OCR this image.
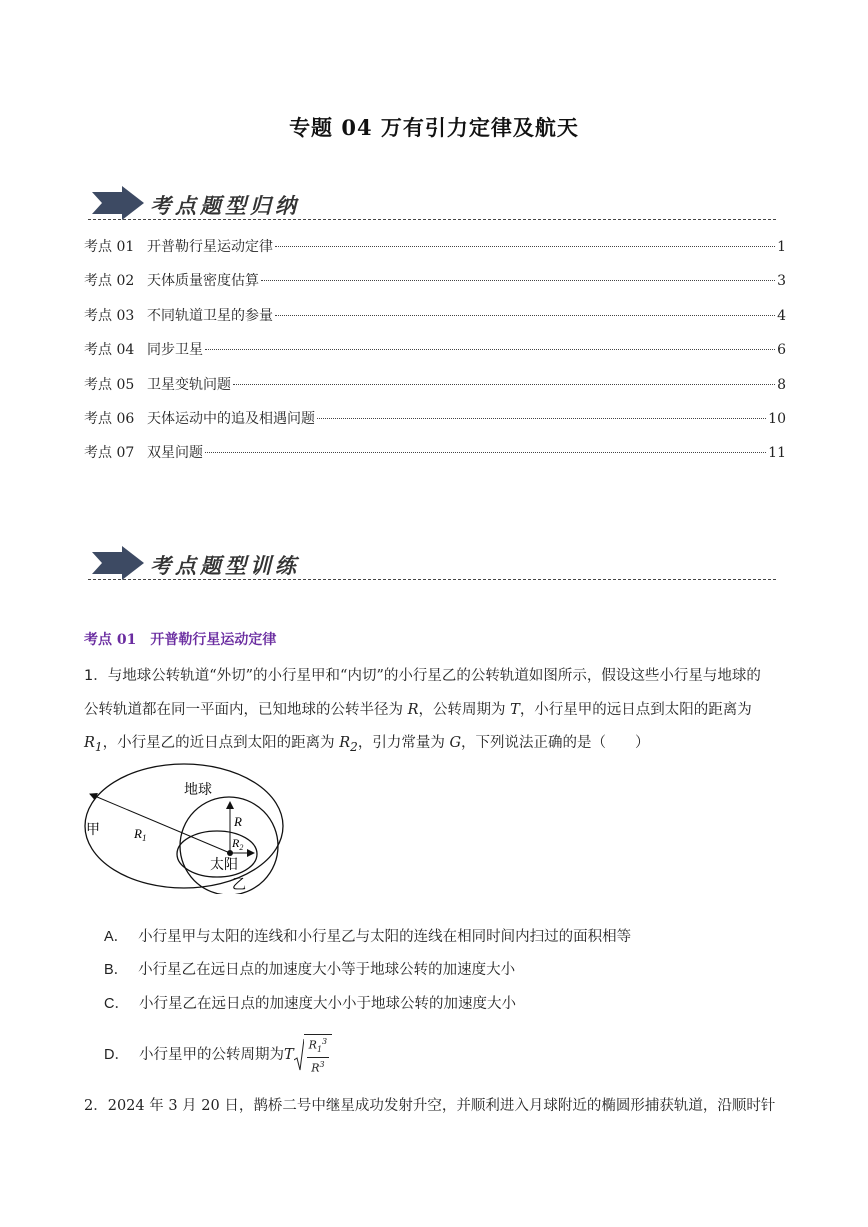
专题 04 万有引力定律及航天
考点题型归纳
考点 01 开普勒行星运动定律	1
考点 02 天体质量密度估算	3
考点 03 不同轨道卫星的参量	4
考点 04 同步卫星	6
考点 05 卫星变轨问题	8
考点 06 天体运动中的追及相遇问题	10
考点 07 双星问题	11
考点题型训练
考点 01 开普勒行星运动定律
1．与地球公转轨道“外切”的小行星甲和“内切”的小行星乙的公转轨道如图所示，假设这些小行星与地球的
公转轨道都在同一平面内，已知地球的公转半径为 R，公转周期为 T，小行星甲的远日点到太阳的距离为
$R_1$，小行星乙的近日点到太阳的距离为 $R_2$，引力常量为 G，下列说法正确的是（　　）
地球
$R_1$
R
$R_2$
甲
太阳
乙
A． 小行星甲与太阳的连线和小行星乙与太阳的连线在相同时间内扫过的面积相等
B． 小行星乙在远日点的加速度大小等于地球公转的加速度大小
C． 小行星乙在远日点的加速度大小小于地球公转的加速度大小
D． 小行星甲的公转周期为T $\frac{R_1^3}{R^3}$
2．2024 年 3 月 20 日，鹊桥二号中继星成功发射升空，并顺利进入月球附近的椭圆形捕获轨道，沿顺时针
